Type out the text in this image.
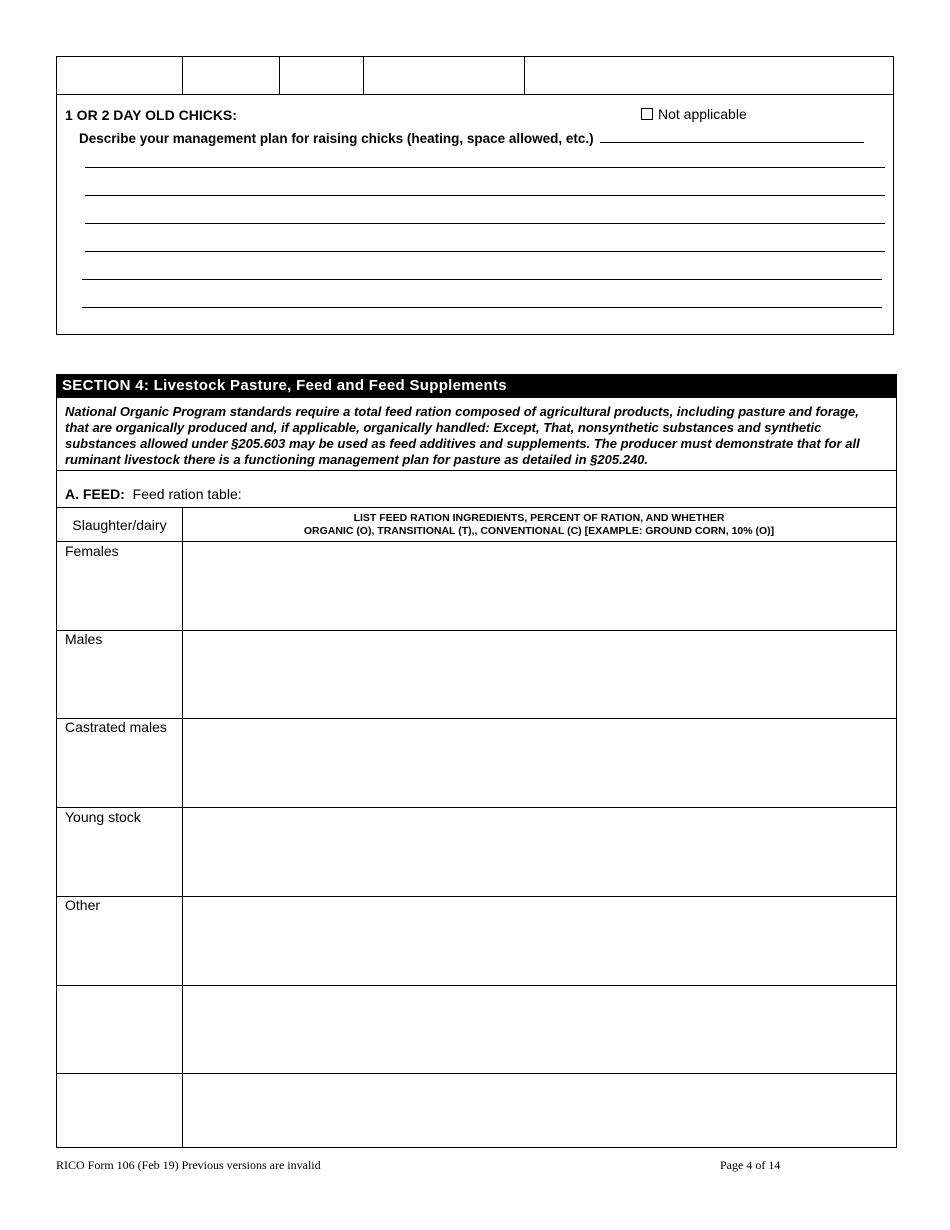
1 OR 2 DAY OLD CHICKS:	Not applicable
Describe your management plan for raising chicks (heating, space allowed, etc.)
SECTION 4: Livestock Pasture, Feed and Feed Supplements
National Organic Program standards require a total feed ration composed of agricultural products, including pasture and forage, that are organically produced and, if applicable, organically handled: Except, That, nonsynthetic substances and synthetic substances allowed under §205.603 may be used as feed additives and supplements. The producer must demonstrate that for all ruminant livestock there is a functioning management plan for pasture as detailed in §205.240.
A. FEED: Feed ration table:
Slaughter/dairy	LIST FEED RATION INGREDIENTS, PERCENT OF RATION, AND WHETHER
ORGANIC (O), TRANSITIONAL (T),, CONVENTIONAL (C) [EXAMPLE: GROUND CORN, 10% (O)]
Females
Males
Castrated males
Young stock
Other
RICO Form 106 (Feb 19) Previous versions are invalid	Page 4 of 14
